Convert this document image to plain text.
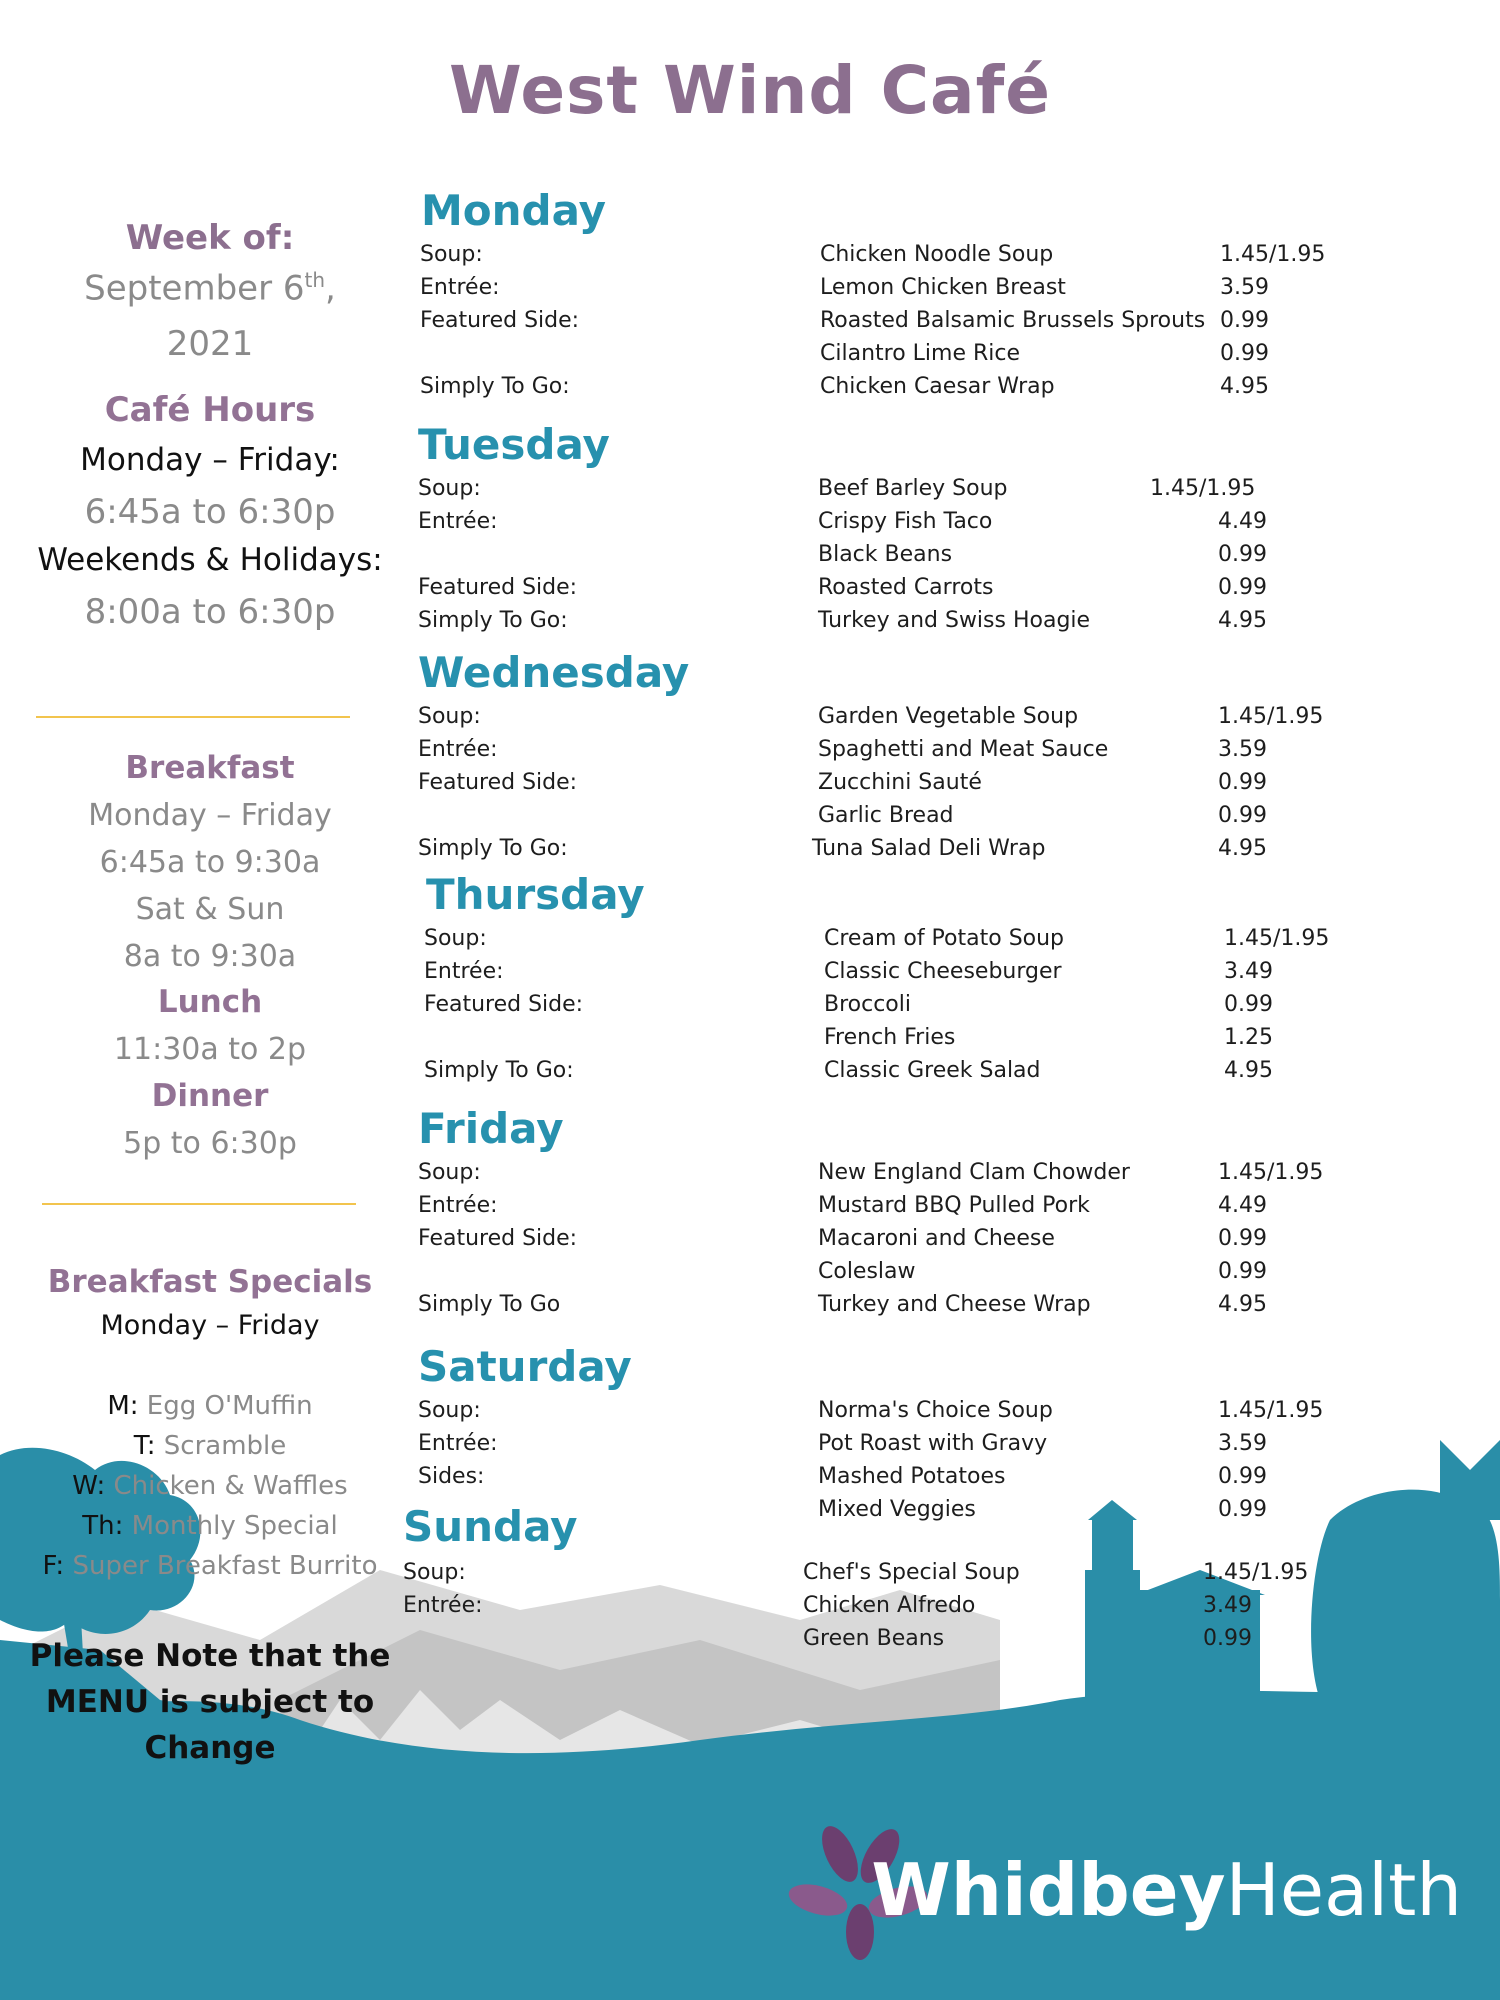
West Wind Café
Week of:
September 6th,
2021
Café Hours
Monday – Friday:
6:45a to 6:30p
Weekends & Holidays:
8:00a to 6:30p
Breakfast
Monday – Friday
6:45a to 9:30a
Sat & Sun
8a to 9:30a
Lunch
11:30a to 2p
Dinner
5p to 6:30p
Breakfast Specials
Monday – Friday
M: Egg O'Muffin
T: Scramble
W: Chicken & Waffles
Th: Monthly Special
F: Super Breakfast Burrito
Please Note that the
MENU is subject to
Change
Monday
Soup:	Chicken Noodle Soup	1.45/1.95
Entrée:	Lemon Chicken Breast	3.59
Featured Side:	Roasted Balsamic Brussels Sprouts 0.99
Cilantro Lime Rice	0.99
Simply To Go:	Chicken Caesar Wrap	4.95
Tuesday
Soup:	Beef Barley Soup	1.45/1.95
Entrée:	Crispy Fish Taco	4.49
Black Beans	0.99
Featured Side:	Roasted Carrots	0.99
Simply To Go:	Turkey and Swiss Hoagie	4.95
Wednesday
Soup:	Garden Vegetable Soup	1.45/1.95
Entrée:	Spaghetti and Meat Sauce	3.59
Featured Side:	Zucchini Sauté	0.99
Garlic Bread	0.99
Simply To Go:	Tuna Salad Deli Wrap	4.95
Thursday
Soup:	Cream of Potato Soup	1.45/1.95
Entrée:	Classic Cheeseburger	3.49
Featured Side:	Broccoli	0.99
French Fries	1.25
Simply To Go:	Classic Greek Salad	4.95
Friday
Soup:	New England Clam Chowder	1.45/1.95
Entrée:	Mustard BBQ Pulled Pork	4.49
Featured Side:	Macaroni and Cheese	0.99
Coleslaw	0.99
Simply To Go	Turkey and Cheese Wrap	4.95
Saturday
Soup:	Norma's Choice Soup	1.45/1.95
Entrée:	Pot Roast with Gravy	3.59
Sides:	Mashed Potatoes	0.99
Mixed Veggies	0.99
Sunday
Soup:	Chef's Special Soup	1.45/1.95
Entrée:	Chicken Alfredo	3.49
Green Beans	0.99
WhidbeyHealth
